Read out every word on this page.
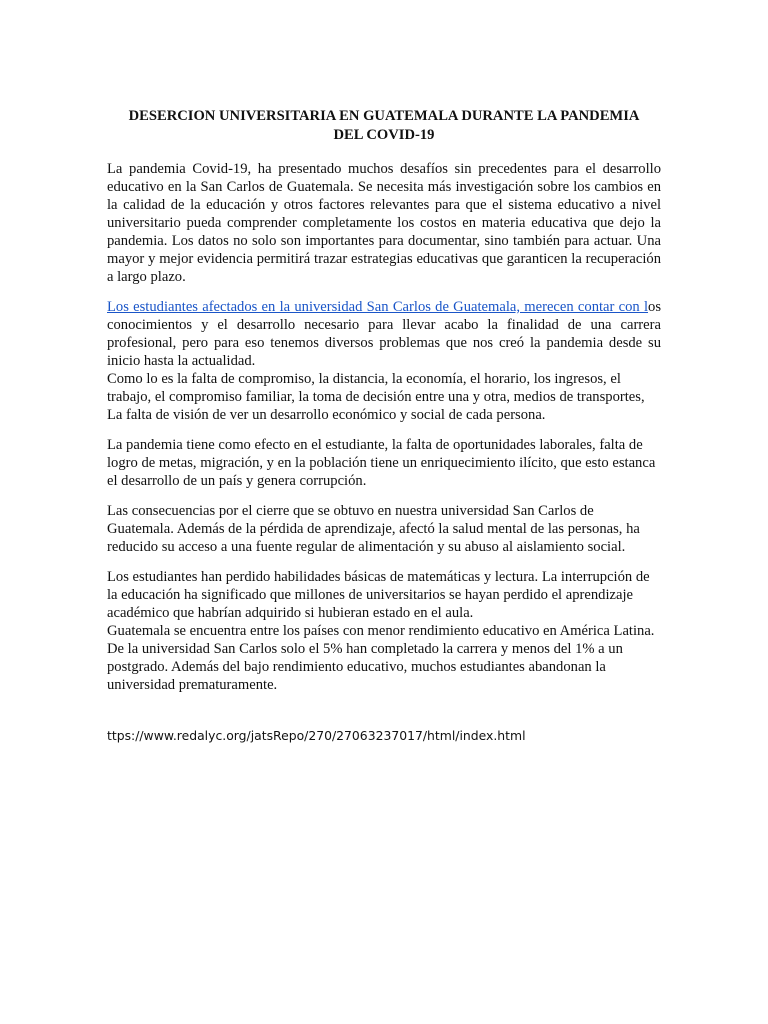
DESERCION UNIVERSITARIA EN GUATEMALA DURANTE LA PANDEMIA
DEL COVID-19

La pandemia Covid-19, ha presentado muchos desafíos sin precedentes para el desarrollo educativo en la San Carlos de Guatemala. Se necesita más investigación sobre los cambios en la calidad de la educación y otros factores relevantes para que el sistema educativo a nivel universitario pueda comprender completamente los costos en materia educativa que dejo la pandemia. Los datos no solo son importantes para documentar, sino también para actuar. Una mayor y mejor evidencia permitirá trazar estrategias educativas que garanticen la recuperación a largo plazo.

Los estudiantes afectados en la universidad San Carlos de Guatemala, merecen contar con los conocimientos y el desarrollo necesario para llevar acabo la finalidad de una carrera profesional, pero para eso tenemos diversos problemas que nos creó la pandemia desde su inicio hasta la actualidad.
Como lo es la falta de compromiso, la distancia, la economía, el horario, los ingresos, el trabajo, el compromiso familiar, la toma de decisión entre una y otra, medios de transportes, La falta de visión de ver un desarrollo económico y social de cada persona.

La pandemia tiene como efecto en el estudiante, la falta de oportunidades laborales, falta de logro de metas, migración, y en la población tiene un enriquecimiento ilícito, que esto estanca el desarrollo de un país y genera corrupción.

Las consecuencias por el cierre que se obtuvo en nuestra universidad San Carlos de Guatemala. Además de la pérdida de aprendizaje, afectó la salud mental de las personas, ha reducido su acceso a una fuente regular de alimentación y su abuso al aislamiento social.

Los estudiantes han perdido habilidades básicas de matemáticas y lectura. La interrupción de la educación ha significado que millones de universitarios se hayan perdido el aprendizaje académico que habrían adquirido si hubieran estado en el aula.
Guatemala se encuentra entre los países con menor rendimiento educativo en América Latina. De la universidad San Carlos solo el 5% han completado la carrera y menos del 1% a un postgrado. Además del bajo rendimiento educativo, muchos estudiantes abandonan la universidad prematuramente.

ttps://www.redalyc.org/jatsRepo/270/27063237017/html/index.html
